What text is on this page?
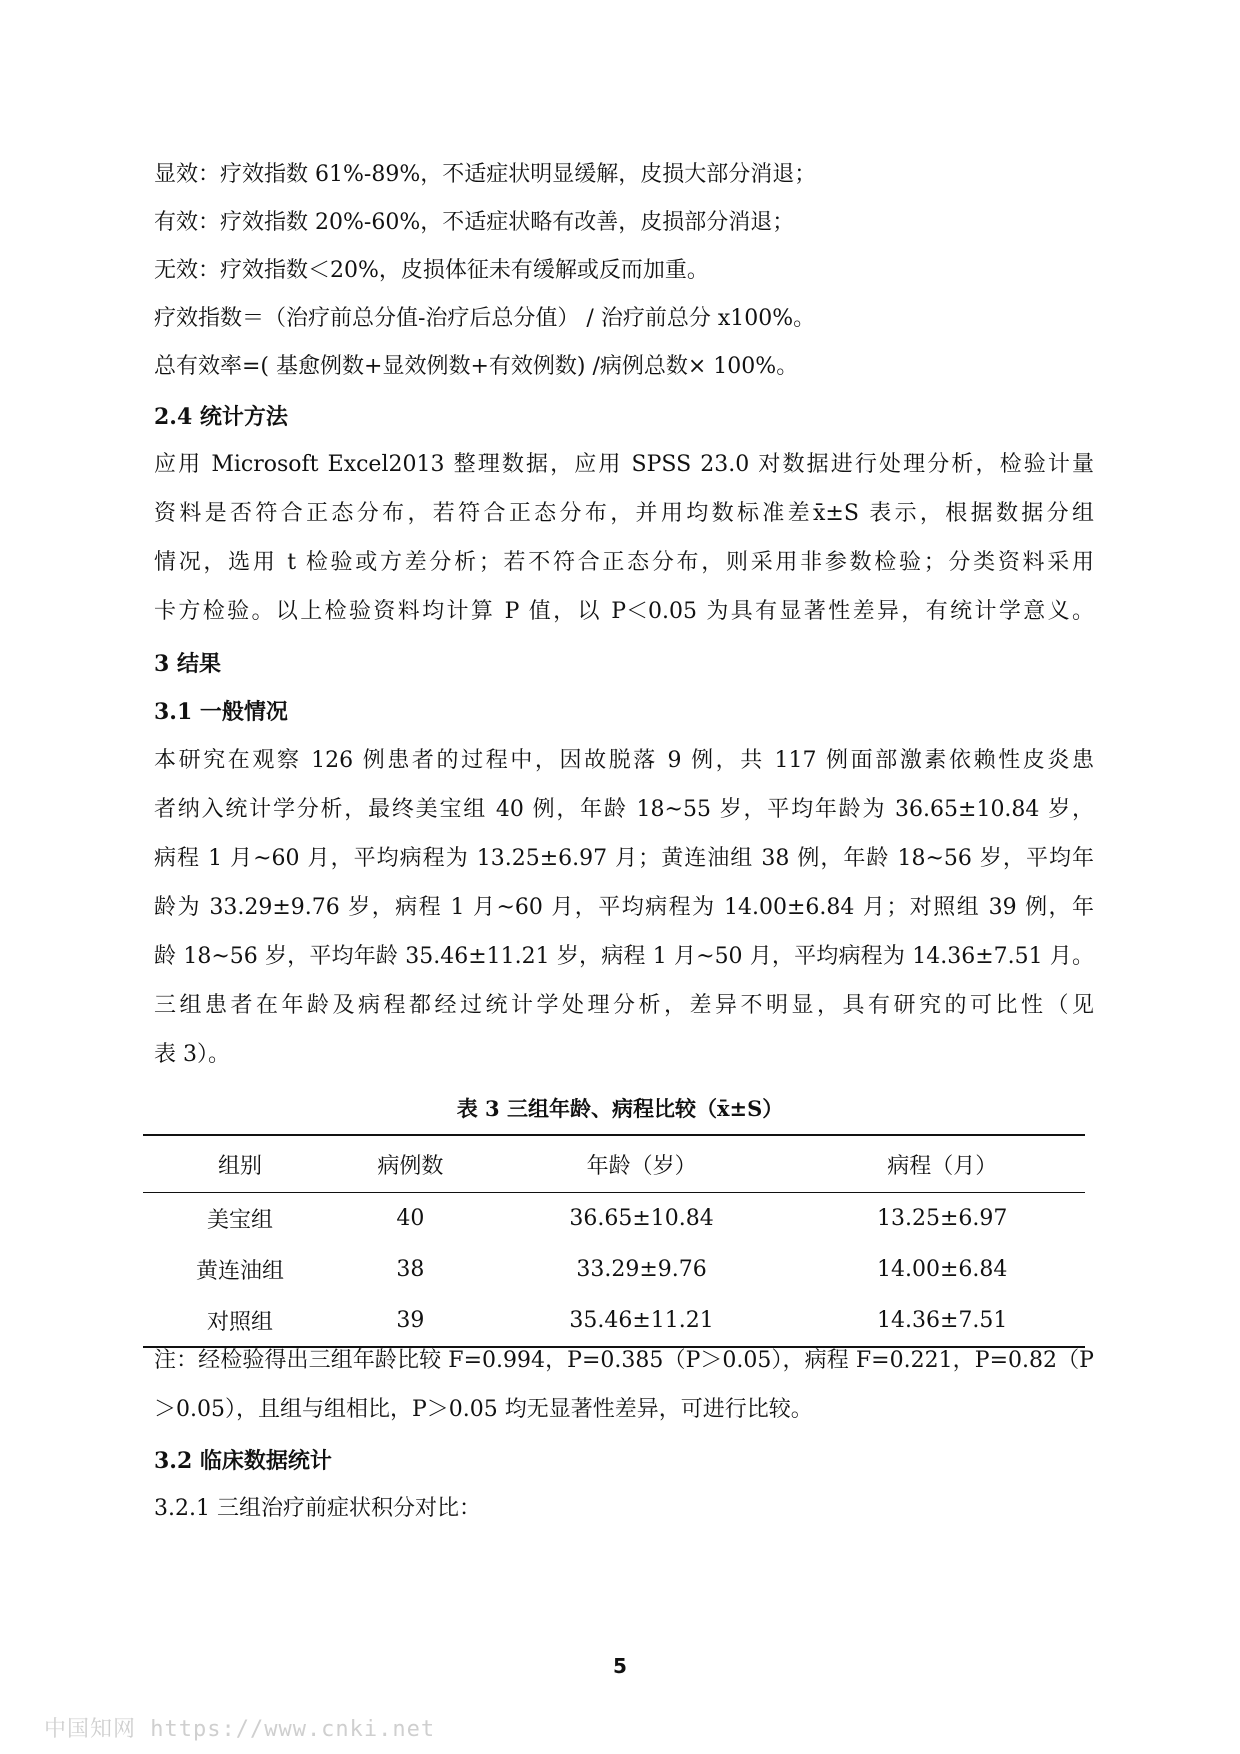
显效：疗效指数 61%-89%，不适症状明显缓解，皮损大部分消退；
有效：疗效指数 20%-60%，不适症状略有改善，皮损部分消退；
无效：疗效指数＜20%，皮损体征未有缓解或反而加重。
疗效指数＝（治疗前总分值-治疗后总分值） / 治疗前总分 x100%。
总有效率=( 基愈例数+显效例数+有效例数) /病例总数× 100%。
2.4 统计方法
应用 Microsoft Excel2013 整理数据，应用 SPSS 23.0 对数据进行处理分析，检验计量
资料是否符合正态分布，若符合正态分布，并用均数标准差x̄±S 表示，根据数据分组
情况，选用 t 检验或方差分析；若不符合正态分布，则采用非参数检验；分类资料采用
卡方检验。以上检验资料均计算 P 值，以 P＜0.05 为具有显著性差异，有统计学意义。
3 结果
3.1 一般情况
本研究在观察 126 例患者的过程中，因故脱落 9 例，共 117 例面部激素依赖性皮炎患
者纳入统计学分析，最终美宝组 40 例，年龄 18~55 岁，平均年龄为 36.65±10.84 岁，
病程 1 月~60 月，平均病程为 13.25±6.97 月；黄连油组 38 例，年龄 18~56 岁，平均年
龄为 33.29±9.76 岁，病程 1 月~60 月，平均病程为 14.00±6.84 月；对照组 39 例，年
龄 18~56 岁，平均年龄 35.46±11.21 岁，病程 1 月~50 月，平均病程为 14.36±7.51 月。
三组患者在年龄及病程都经过统计学处理分析，差异不明显，具有研究的可比性（见
表 3）。
表 3 三组年龄、病程比较（x̄±S）
组别	病例数	年龄（岁）	病程（月）
美宝组	40	36.65±10.84	13.25±6.97
黄连油组	38	33.29±9.76	14.00±6.84
对照组	39	35.46±11.21	14.36±7.51
注：经检验得出三组年龄比较 F=0.994，P=0.385（P＞0.05），病程 F=0.221，P=0.82（P
＞0.05），且组与组相比，P＞0.05 均无显著性差异，可进行比较。
3.2 临床数据统计
3.2.1 三组治疗前症状积分对比：
5
中国知网 https://www.cnki.net
